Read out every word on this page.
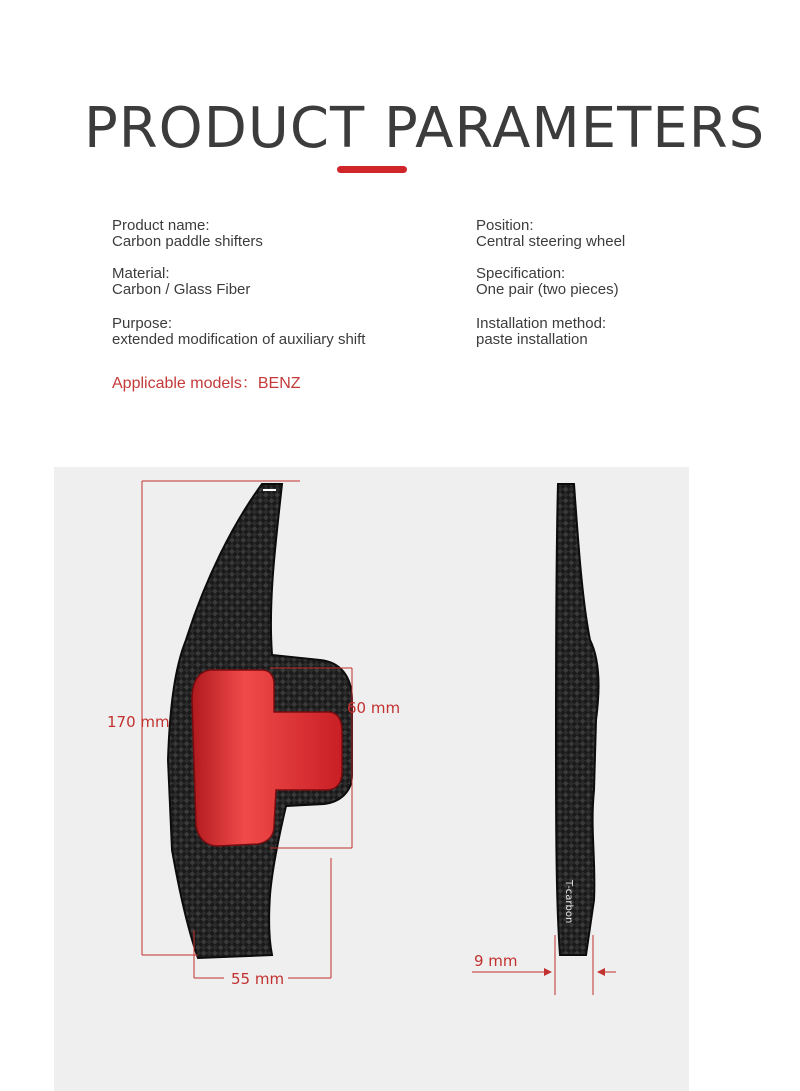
PRODUCT PARAMETERS
Product name:
Carbon paddle shifters
Position:
Central steering wheel
Material:
Carbon / Glass Fiber
Specification:
One pair (two pieces)
Purpose:
extended modification of auxiliary shift
Installation method:
paste installation
Applicable models：BENZ
T-carbon
170 mm
60 mm
55 mm
9 mm
